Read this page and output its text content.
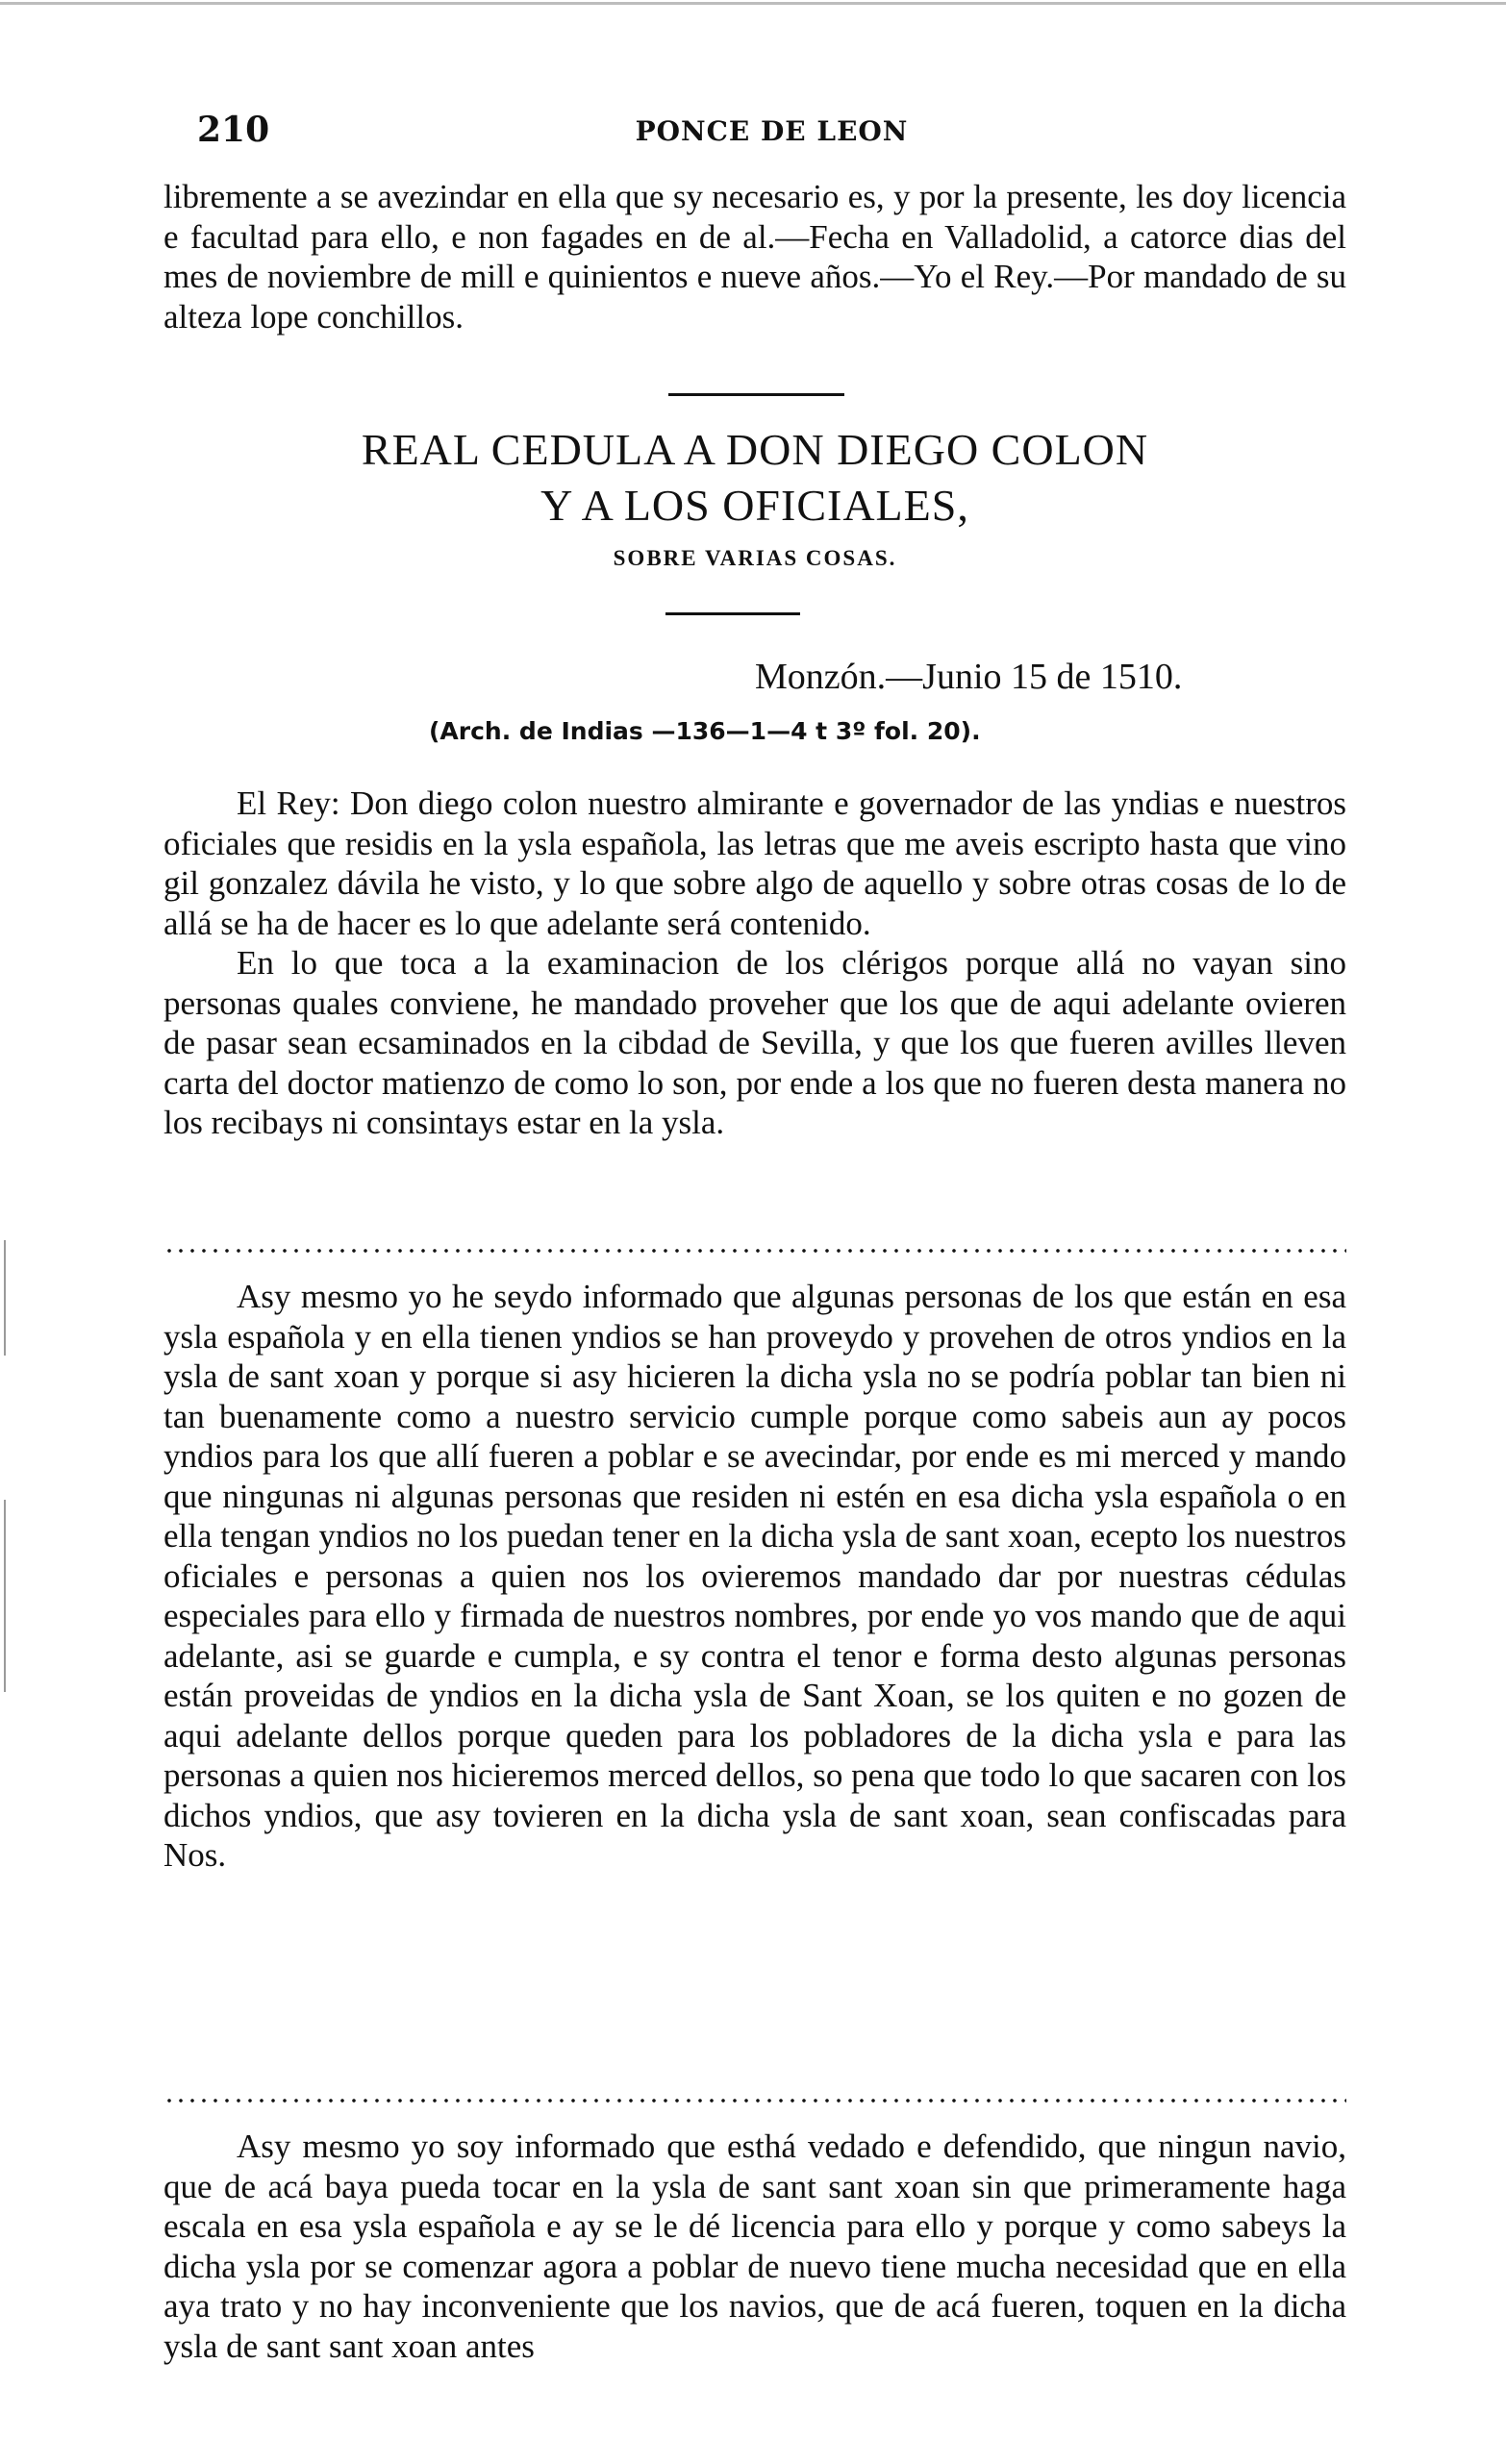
210	PONCE DE LEON

libremente a se avezindar en ella que sy necesario es, y por la presente, les doy licencia e facultad para ello, e non fagades en de al.—Fecha en Valladolid, a catorce dias del mes de noviembre de mill e quinientos e nueve años.—Yo el Rey.—Por mandado de su alteza lope conchillos.

REAL CEDULA A DON DIEGO COLON
Y A LOS OFICIALES,
SOBRE VARIAS COSAS.
Monzón.—Junio 15 de 1510.
(Arch. de Indias —136—1—4 t 3º fol. 20).

El Rey: Don diego colon nuestro almirante e governador de las yndias e nuestros oficiales que residis en la ysla española, las letras que me aveis escripto hasta que vino gil gonzalez dávila he visto, y lo que sobre algo de aquello y sobre otras cosas de lo de allá se ha de hacer es lo que adelante será contenido.

En lo que toca a la examinacion de los clérigos porque allá no vayan sino personas quales conviene, he mandado proveher que los que de aqui adelante ovieren de pasar sean ecsaminados en la cibdad de Sevilla, y que los que fueren avilles lleven carta del doctor matienzo de como lo son, por ende a los que no fueren desta manera no los recibays ni consintays estar en la ysla.

Asy mesmo yo he seydo informado que algunas personas de los que están en esa ysla española y en ella tienen yndios se han proveydo y provehen de otros yndios en la ysla de sant xoan y porque si asy hicieren la dicha ysla no se podría poblar tan bien ni tan buenamente como a nuestro servicio cumple porque como sabeis aun ay pocos yndios para los que allí fueren a poblar e se avecindar, por ende es mi merced y mando que ningunas ni algunas personas que residen ni estén en esa dicha ysla española o en ella tengan yndios no los puedan tener en la dicha ysla de sant xoan, ecepto los nuestros oficiales e personas a quien nos los ovieremos mandado dar por nuestras cédulas especiales para ello y firmada de nuestros nombres, por ende yo vos mando que de aqui adelante, asi se guarde e cumpla, e sy contra el tenor e forma desto algunas personas están proveidas de yndios en la dicha ysla de Sant Xoan, se los quiten e no gozen de aqui adelante dellos porque queden para los pobladores de la dicha ysla e para las personas a quien nos hicieremos merced dellos, so pena que todo lo que sacaren con los dichos yndios, que asy tovieren en la dicha ysla de sant xoan, sean confiscadas para Nos.

Asy mesmo yo soy informado que esthá vedado e defendido, que ningun navio, que de acá baya pueda tocar en la ysla de sant sant xoan sin que primeramente haga escala en esa ysla española e ay se le dé licencia para ello y porque y como sabeys la dicha ysla por se comenzar agora a poblar de nuevo tiene mucha necesidad que en ella aya trato y no hay inconveniente que los navios, que de acá fueren, toquen en la dicha ysla de sant sant xoan antes
